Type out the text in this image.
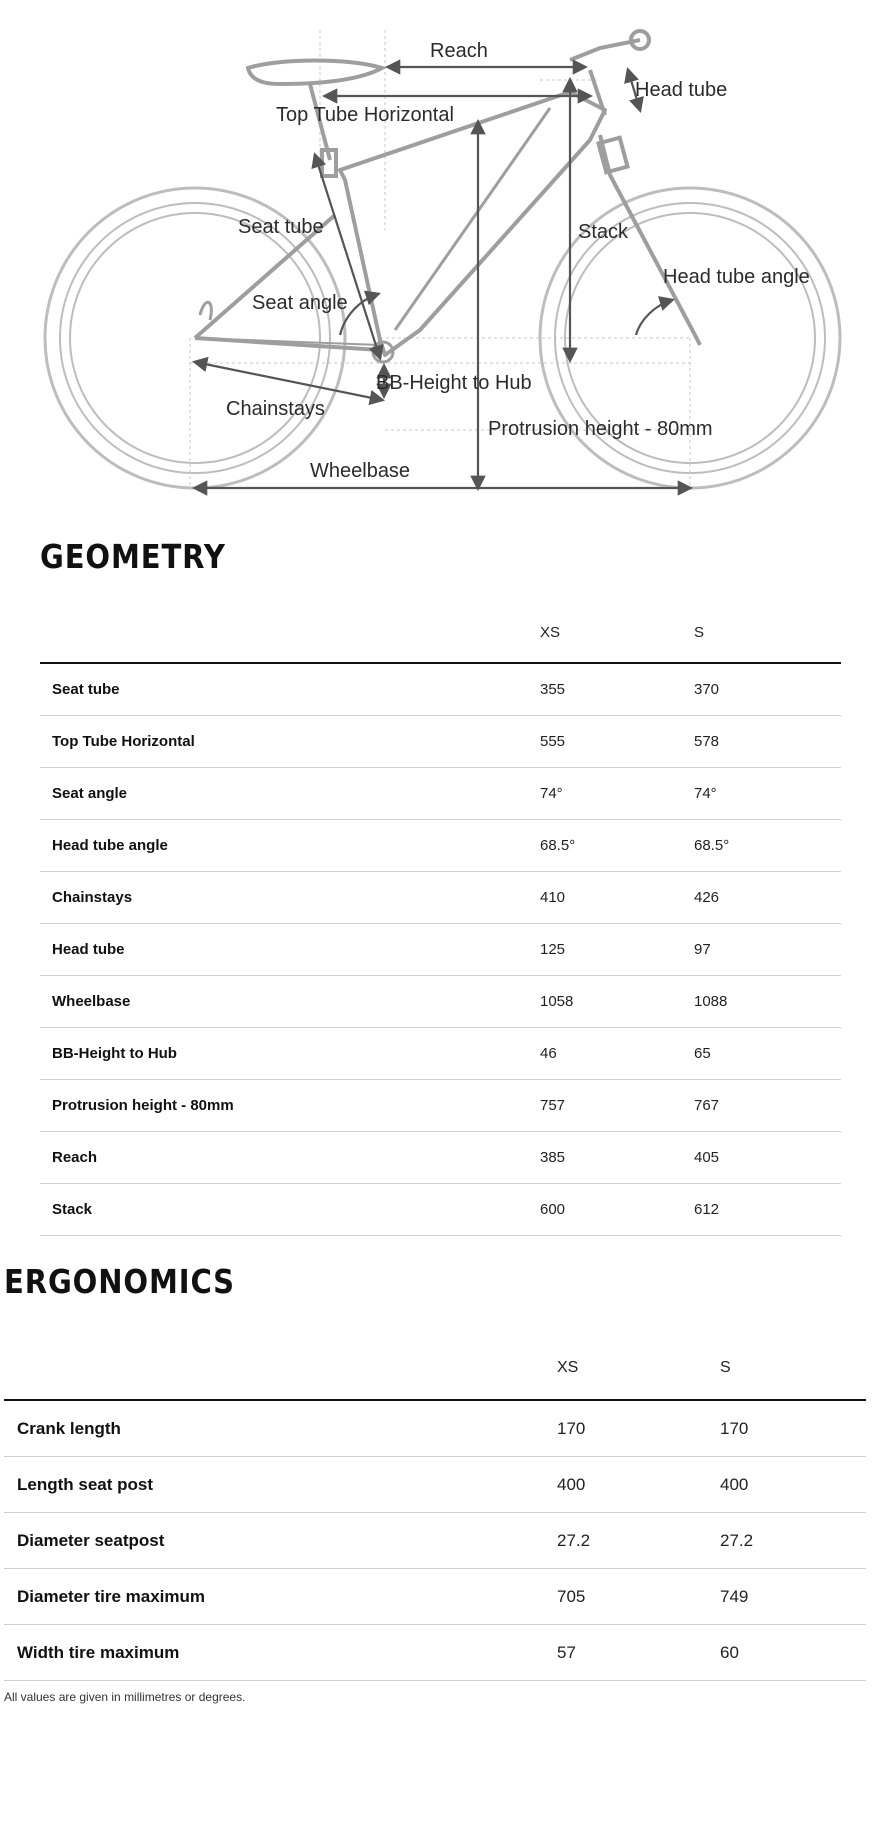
Reach
Head tube
Top Tube Horizontal
Seat tube	Stack
Head tube angle
Seat angle
BB-Height to Hub
Chainstays
Protrusion height - 80mm
Wheelbase
GEOMETRY
	XS	S
Seat tube	355	370
Top Tube Horizontal	555	578
Seat angle	74°	74°
Head tube angle	68.5°	68.5°
Chainstays	410	426
Head tube	125	97
Wheelbase	1058	1088
BB-Height to Hub	46	65
Protrusion height - 80mm	757	767
Reach	385	405
Stack	600	612
ERGONOMICS
	XS	S
Crank length	170	170
Length seat post	400	400
Diameter seatpost	27.2	27.2
Diameter tire maximum	705	749
Width tire maximum	57	60
All values are given in millimetres or degrees.
